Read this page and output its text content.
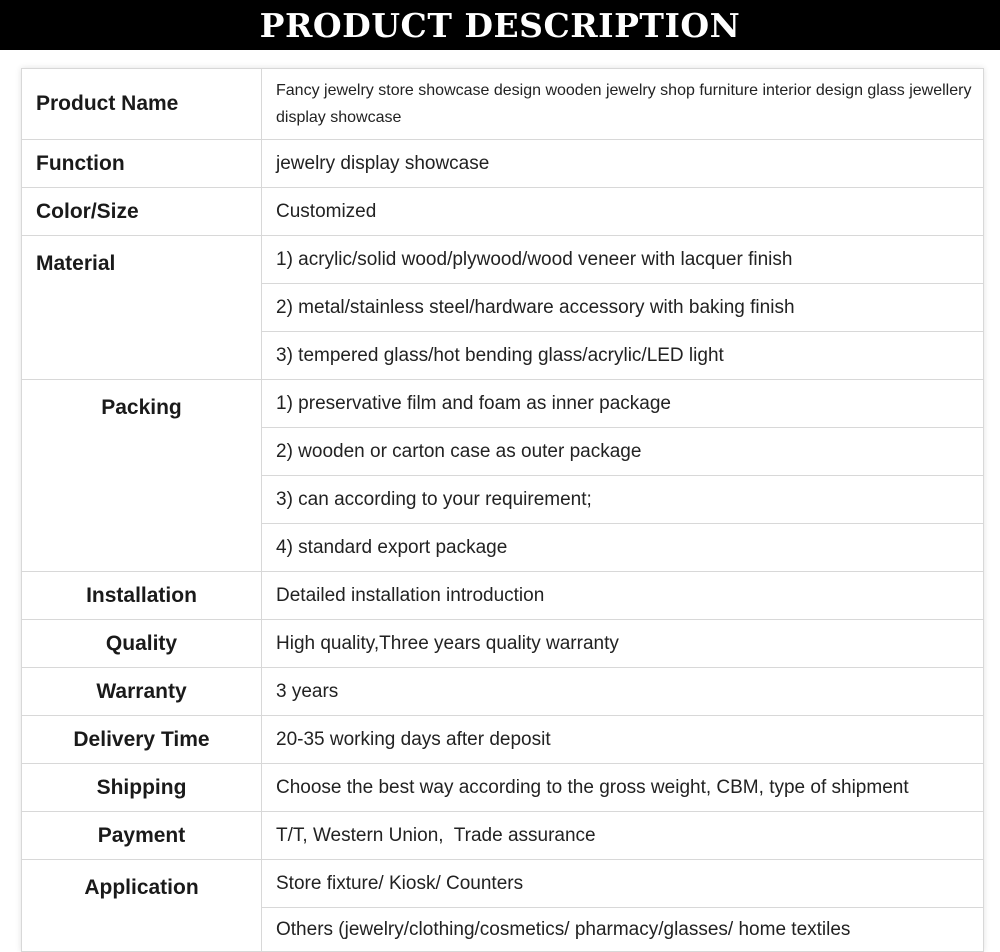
PRODUCT DESCRIPTION
Product Name	Fancy jewelry store showcase design wooden jewelry shop furniture interior design glass jewellery display showcase
Function	jewelry display showcase
Color/Size	Customized
Material	1) acrylic/solid wood/plywood/wood veneer with lacquer finish
	2) metal/stainless steel/hardware accessory with baking finish
	3) tempered glass/hot bending glass/acrylic/LED light
Packing	1) preservative film and foam as inner package
	2) wooden or carton case as outer package
	3) can according to your requirement;
	4) standard export package
Installation	Detailed installation introduction
Quality	High quality,Three years quality warranty
Warranty	3 years
Delivery Time	20-35 working days after deposit
Shipping	Choose the best way according to the gross weight, CBM, type of shipment
Payment	T/T, Western Union,  Trade assurance
Application	Store fixture/ Kiosk/ Counters
	Others (jewelry/clothing/cosmetics/ pharmacy/glasses/ home textiles
